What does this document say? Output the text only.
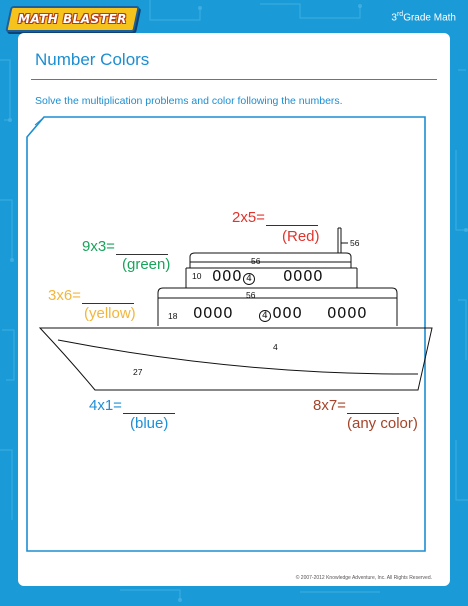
MATH BLASTER	3rdGrade Math
Number Colors
Solve the multiplication problems and color following the numbers.
© 2007-2012 Knowledge Adventure, Inc. All Rights Reserved.
56
56
10
56
18
4
27
000 4 0000
0000	4 000 0000
2x5=
(Red)
9x3=
(green)
3x6=
(yellow)
4x1=
(blue)
8x7=
(any color)
